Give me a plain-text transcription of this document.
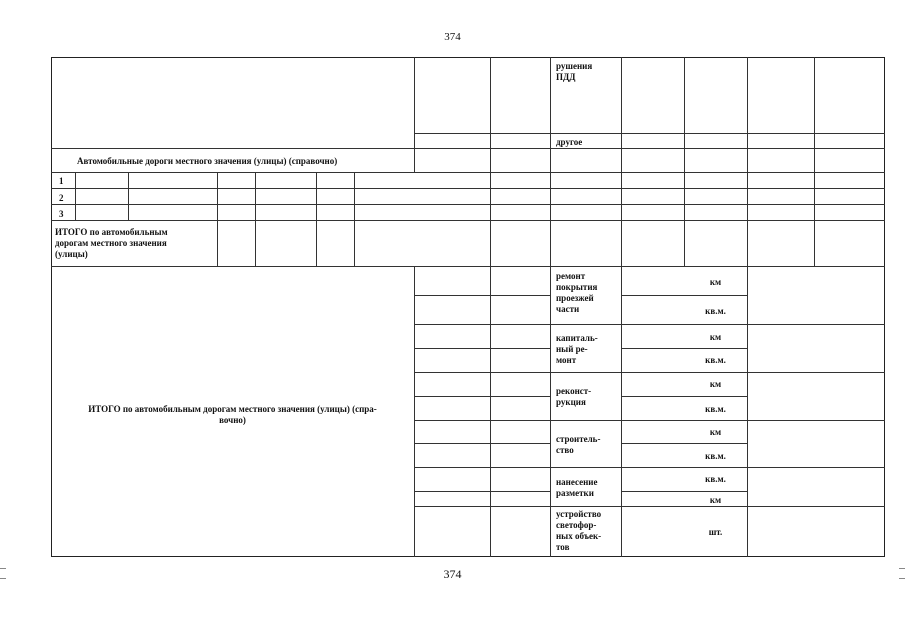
374
рушения
ПДД
другое
Автомобильные дороги местного значения (улицы) (справочно)
1
2
3
ИТОГО по автомобильным
дорогам местного значения
(улицы)
ИТОГО по автомобильным дорогам местного значения (улицы) (спра-
вочно)
ремонт
покрытия
проезжей
части
капиталь-
ный ре-
монт
реконст-
рукция
строитель-
ство
нанесение
разметки
устройство
светофор-
ных объек-
тов
км
кв.м.
км
кв.м.
км
кв.м.
км
кв.м.
кв.м.
км
шт.
374
